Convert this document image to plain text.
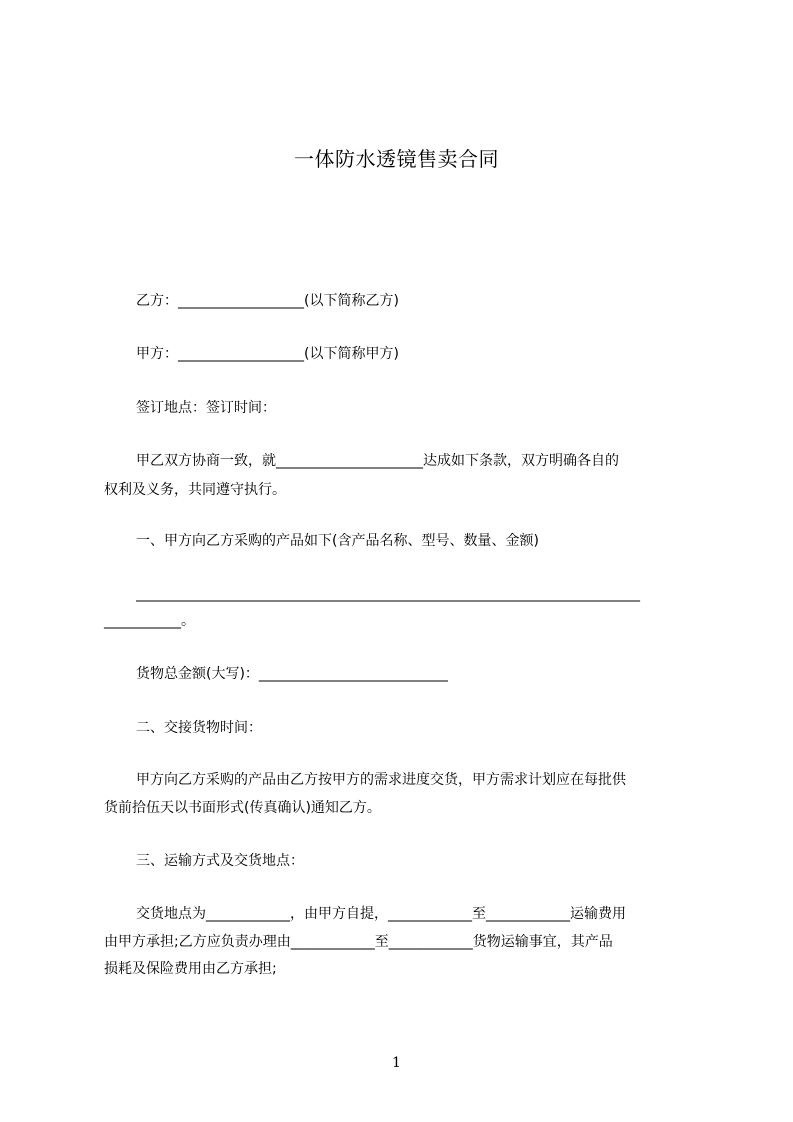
一体防水透镜售卖合同
乙方：__________________(以下简称乙方)
甲方：__________________(以下简称甲方)
签订地点：签订时间：
甲乙双方协商一致，就_____________________达成如下条款，双方明确各自的
权利及义务，共同遵守执行。
一、甲方向乙方采购的产品如下(含产品名称、型号、数量、金额)
________________________________________________________________________
___________。
货物总金额(大写)：___________________________
二、交接货物时间：
甲方向乙方采购的产品由乙方按甲方的需求进度交货，甲方需求计划应在每批供
货前拾伍天以书面形式(传真确认)通知乙方。
三、运输方式及交货地点：
交货地点为____________，由甲方自提，____________至____________运输费用
由甲方承担;乙方应负责办理由____________至____________货物运输事宜，其产品
损耗及保险费用由乙方承担;
1
